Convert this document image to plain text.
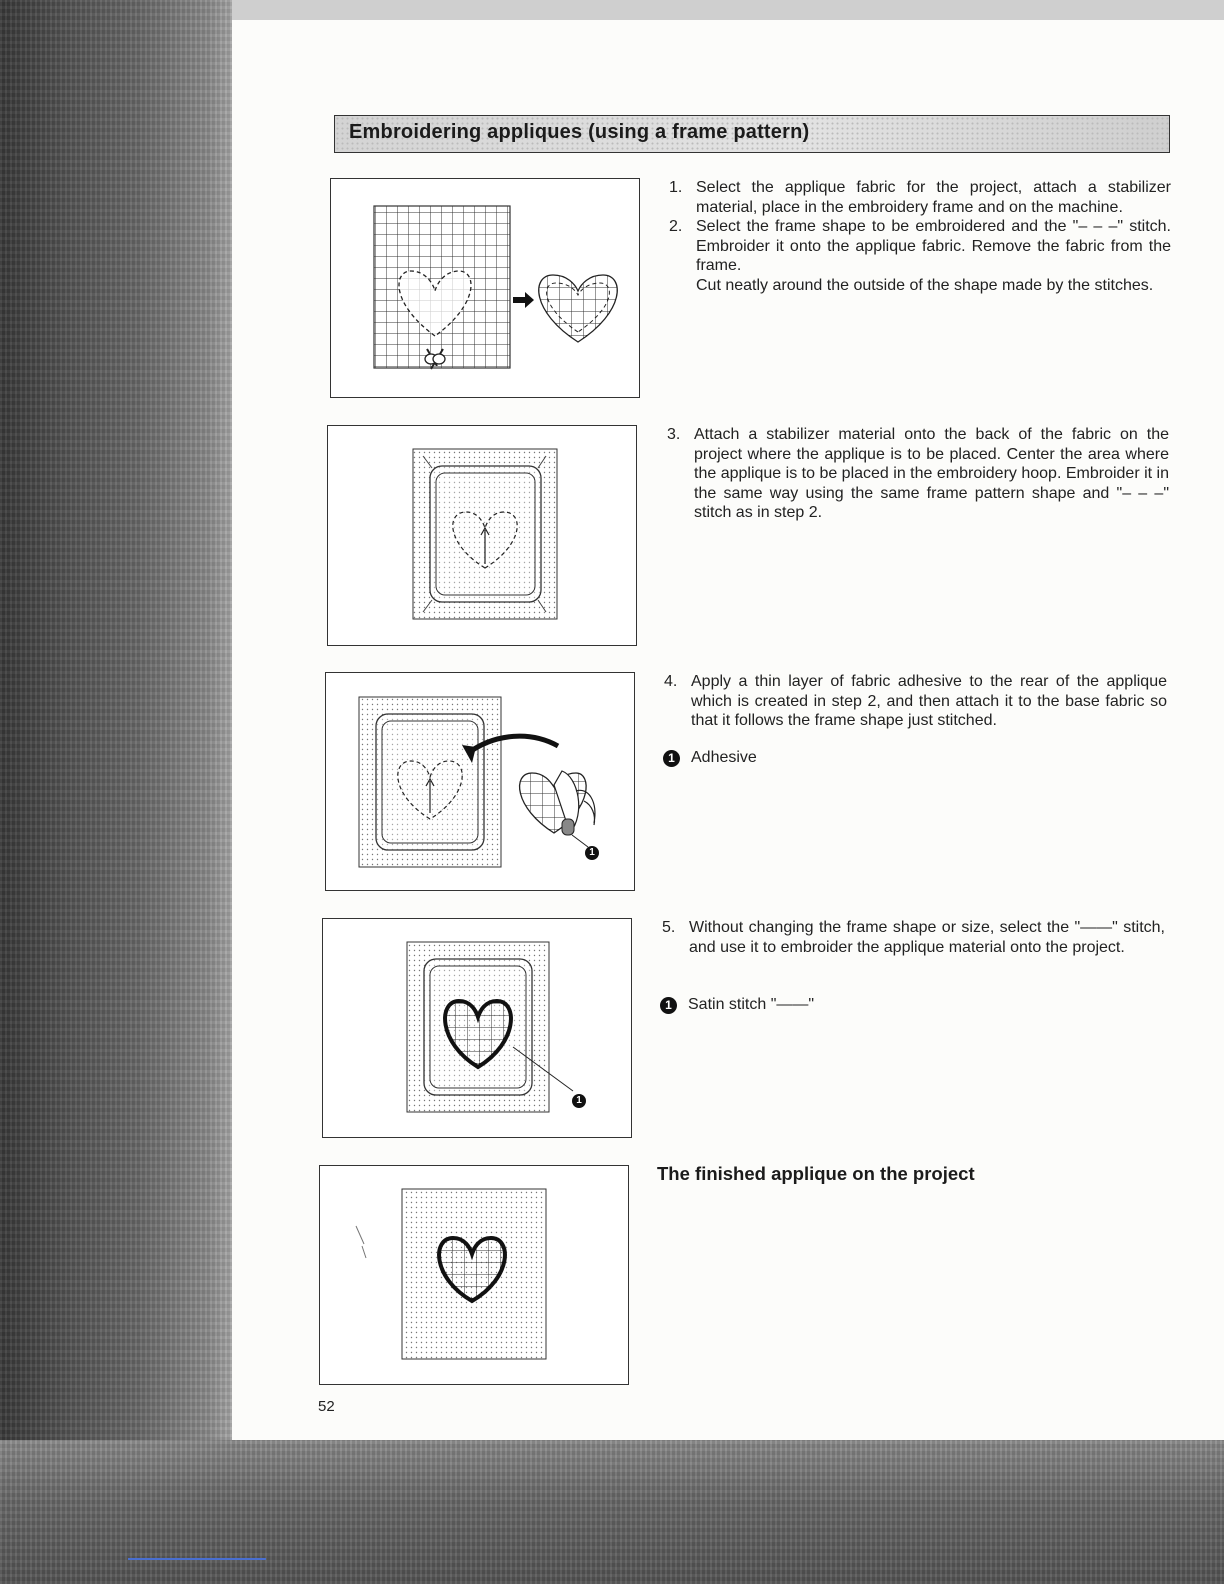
Embroidering appliques (using a frame pattern)
1
1
1. Select the applique fabric for the project, attach a stabilizer material, place in the embroidery frame and on the machine.
2. Select the frame shape to be embroidered and the "– – –" stitch. Embroider it onto the applique fabric. Remove the fabric from the frame.
Cut neatly around the outside of the shape made by the stitches.
3. Attach a stabilizer material onto the back of the fabric on the project where the applique is to be placed. Center the area where the applique is to be placed in the embroidery hoop. Embroider it in the same way using the same frame pattern shape and "– – –" stitch as in step 2.
4. Apply a thin layer of fabric adhesive to the rear of the applique which is created in step 2, and then attach it to the base fabric so that it follows the frame shape just stitched.
1	Adhesive
5. Without changing the frame shape or size, select the "——" stitch, and use it to embroider the applique material onto the project.
1	Satin stitch "——"
The finished applique on the project
52
